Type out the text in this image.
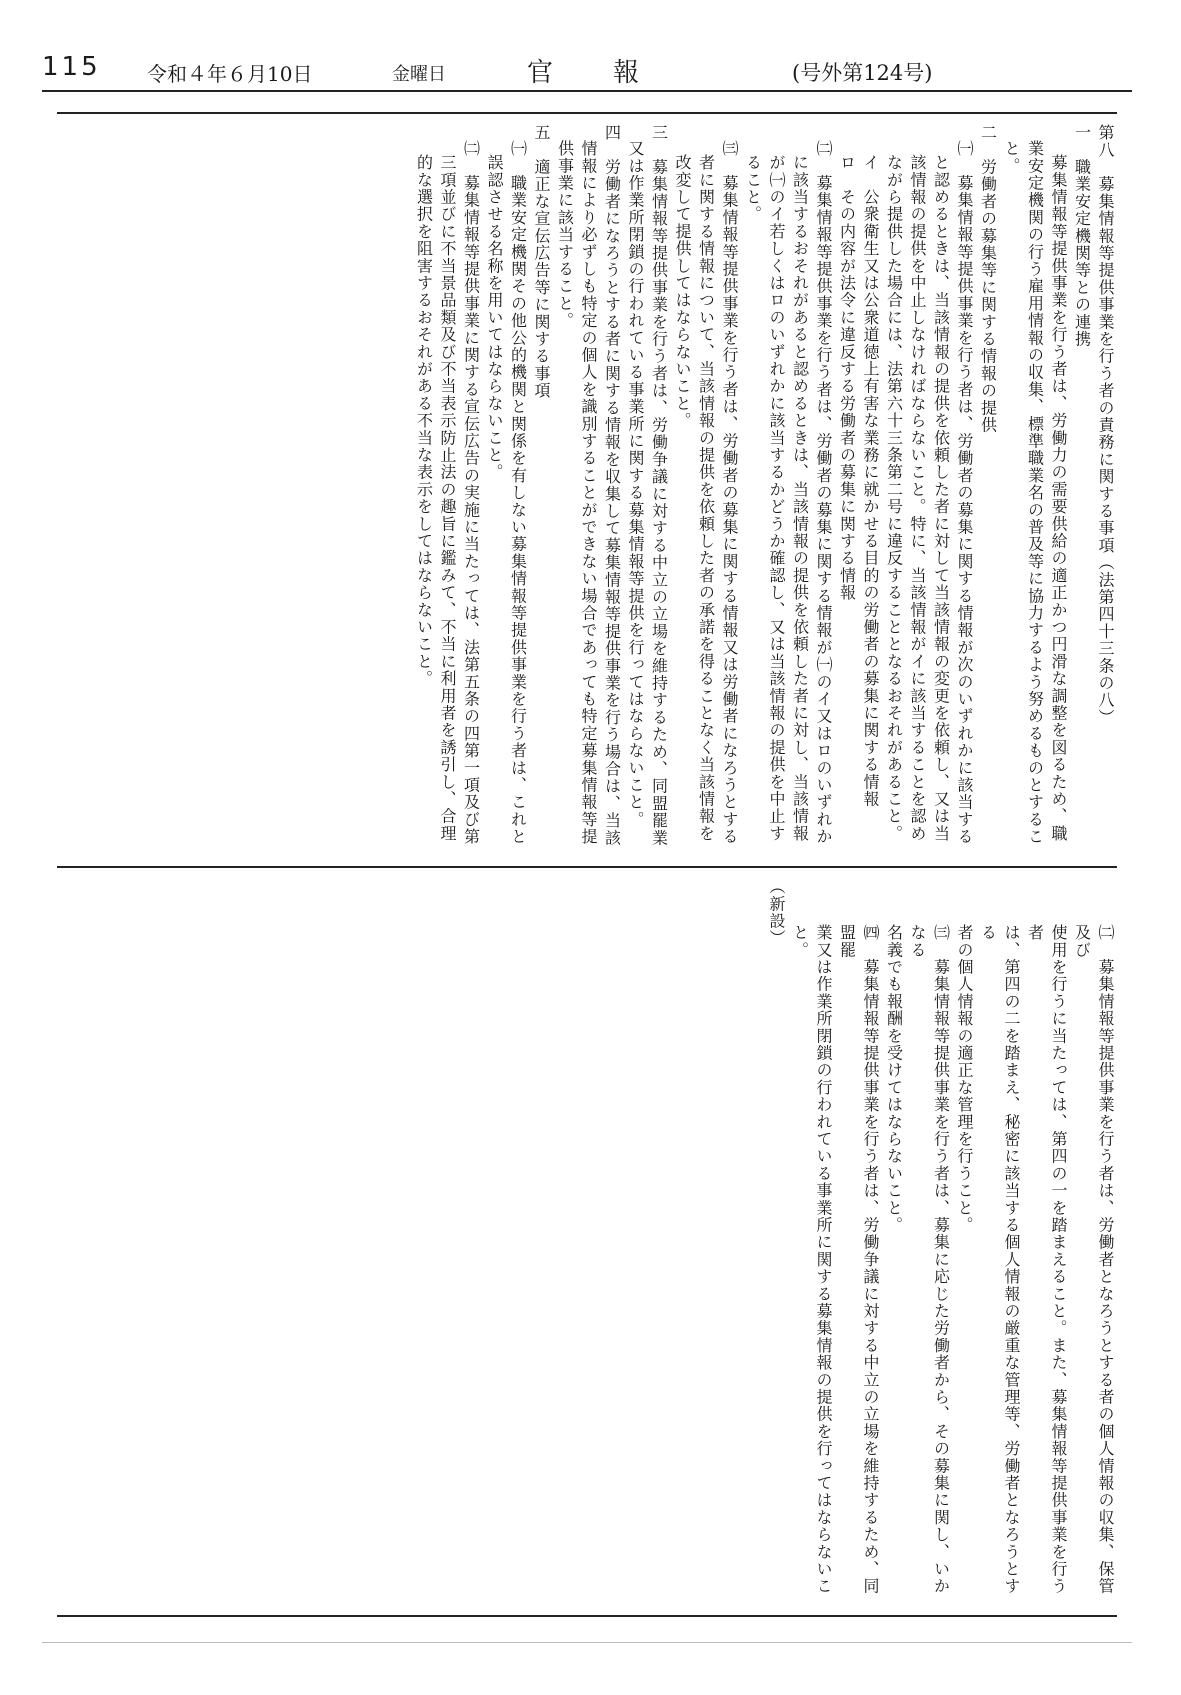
115 令和４年６月10日	金曜日	官報	(号外第124号)

第八　募集情報等提供事業を行う者の責務に関する事項（法第四十三条の八）

一　職業安定機関等との連携

募集情報等提供事業を行う者は、労働力の需要供給の適正かつ円滑な調整を図るため、職

業安定機関の行う雇用情報の収集、標準職業名の普及等に協力するよう努めるものとするこ

と。

二　労働者の募集等に関する情報の提供

㈠　募集情報等提供事業を行う者は、労働者の募集に関する情報が次のいずれかに該当する

と認めるときは、当該情報の提供を依頼した者に対して当該情報の変更を依頼し、又は当

該情報の提供を中止しなければならないこと。特に、当該情報がイに該当することを認め

ながら提供した場合には、法第六十三条第二号に違反することとなるおそれがあること。

イ　公衆衛生又は公衆道徳上有害な業務に就かせる目的の労働者の募集に関する情報

ロ　その内容が法令に違反する労働者の募集に関する情報

㈡　募集情報等提供事業を行う者は、労働者の募集に関する情報が㈠のイ又はロのいずれか

に該当するおそれがあると認めるときは、当該情報の提供を依頼した者に対し、当該情報

が㈠のイ若しくはロのいずれかに該当するかどうか確認し、又は当該情報の提供を中止す

ること。

㈢　募集情報等提供事業を行う者は、労働者の募集に関する情報又は労働者になろうとする

者に関する情報について、当該情報の提供を依頼した者の承諾を得ることなく当該情報を

改変して提供してはならないこと。

三　募集情報等提供事業を行う者は、労働争議に対する中立の立場を維持するため、同盟罷業

又は作業所閉鎖の行われている事業所に関する募集情報等提供を行ってはならないこと。

四　労働者になろうとする者に関する情報を収集して募集情報等提供事業を行う場合は、当該

情報により必ずしも特定の個人を識別することができない場合であっても特定募集情報等提

供事業に該当すること。

五　適正な宣伝広告等に関する事項

㈠　職業安定機関その他公的機関と関係を有しない募集情報等提供事業を行う者は、これと

誤認させる名称を用いてはならないこと。

㈡　募集情報等提供事業に関する宣伝広告の実施に当たっては、法第五条の四第一項及び第

三項並びに不当景品類及び不当表示防止法の趣旨に鑑みて、不当に利用者を誘引し、合理

的な選択を阻害するおそれがある不当な表示をしてはならないこと。

㈡　募集情報等提供事業を行う者は、労働者となろうとする者の個人情報の収集、保管及び

使用を行うに当たっては、第四の一を踏まえること。また、募集情報等提供事業を行う者

は、第四の二を踏まえ、秘密に該当する個人情報の厳重な管理等、労働者となろうとする

者の個人情報の適正な管理を行うこと。

㈢　募集情報等提供事業を行う者は、募集に応じた労働者から、その募集に関し、いかなる

名義でも報酬を受けてはならないこと。

㈣　募集情報等提供事業を行う者は、労働争議に対する中立の立場を維持するため、同盟罷

業又は作業所閉鎖の行われている事業所に関する募集情報の提供を行ってはならないこ

と。

（新設）
